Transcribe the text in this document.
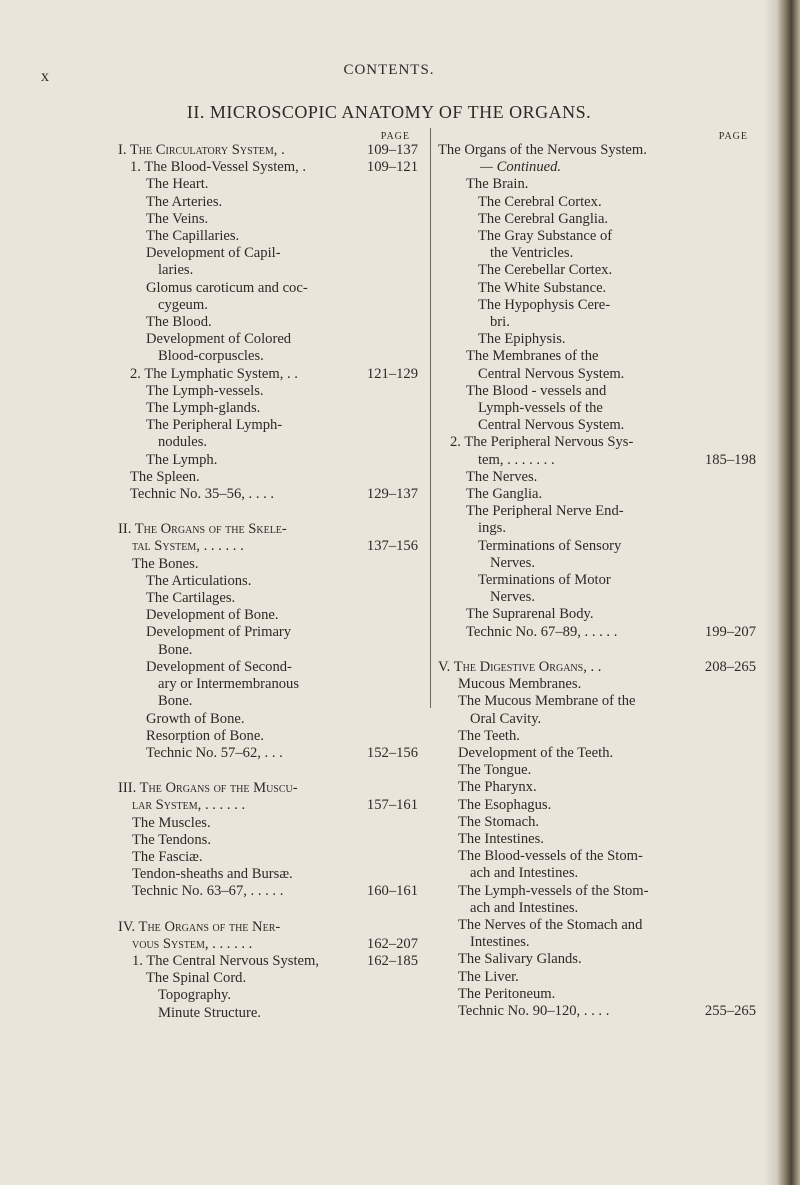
x	CONTENTS.
II. MICROSCOPIC ANATOMY OF THE ORGANS.
PAGE
I. The Circulatory System, .	109–137
1. The Blood-Vessel System, .	109–121
The Heart.
The Arteries.
The Veins.
The Capillaries.
Development of Capil-
laries.
Glomus caroticum and coc-
cygeum.
The Blood.
Development of Colored
Blood-corpuscles.
2. The Lymphatic System, . .	121–129
The Lymph-vessels.
The Lymph-glands.
The Peripheral Lymph-
nodules.
The Lymph.
The Spleen.
Technic No. 35–56, . . . .	129–137
II. The Organs of the Skele-
tal System, . . . . . .	137–156
The Bones.
The Articulations.
The Cartilages.
Development of Bone.
Development of Primary
Bone.
Development of Second-
ary or Intermembranous
Bone.
Growth of Bone.
Resorption of Bone.
Technic No. 57–62, . . .	152–156
III. The Organs of the Muscu-
lar System, . . . . . .	157–161
The Muscles.
The Tendons.
The Fasciæ.
Tendon-sheaths and Bursæ.
Technic No. 63–67, . . . . .	160–161
IV. The Organs of the Ner-
vous System, . . . . . .	162–207
1. The Central Nervous System,	162–185
The Spinal Cord.
Topography.
Minute Structure.
PAGE
The Organs of the Nervous System.
— Continued.
The Brain.
The Cerebral Cortex.
The Cerebral Ganglia.
The Gray Substance of
the Ventricles.
The Cerebellar Cortex.
The White Substance.
The Hypophysis Cere-
bri.
The Epiphysis.
The Membranes of the
Central Nervous System.
The Blood - vessels and
Lymph-vessels of the
Central Nervous System.
2. The Peripheral Nervous Sys-
tem, . . . . . . .	185–198
The Nerves.
The Ganglia.
The Peripheral Nerve End-
ings.
Terminations of Sensory
Nerves.
Terminations of Motor
Nerves.
The Suprarenal Body.
Technic No. 67–89, . . . . .	199–207
V. The Digestive Organs, . .	208–265
Mucous Membranes.
The Mucous Membrane of the
Oral Cavity.
The Teeth.
Development of the Teeth.
The Tongue.
The Pharynx.
The Esophagus.
The Stomach.
The Intestines.
The Blood-vessels of the Stom-
ach and Intestines.
The Lymph-vessels of the Stom-
ach and Intestines.
The Nerves of the Stomach and
Intestines.
The Salivary Glands.
The Liver.
The Peritoneum.
Technic No. 90–120, . . . .	255–265
